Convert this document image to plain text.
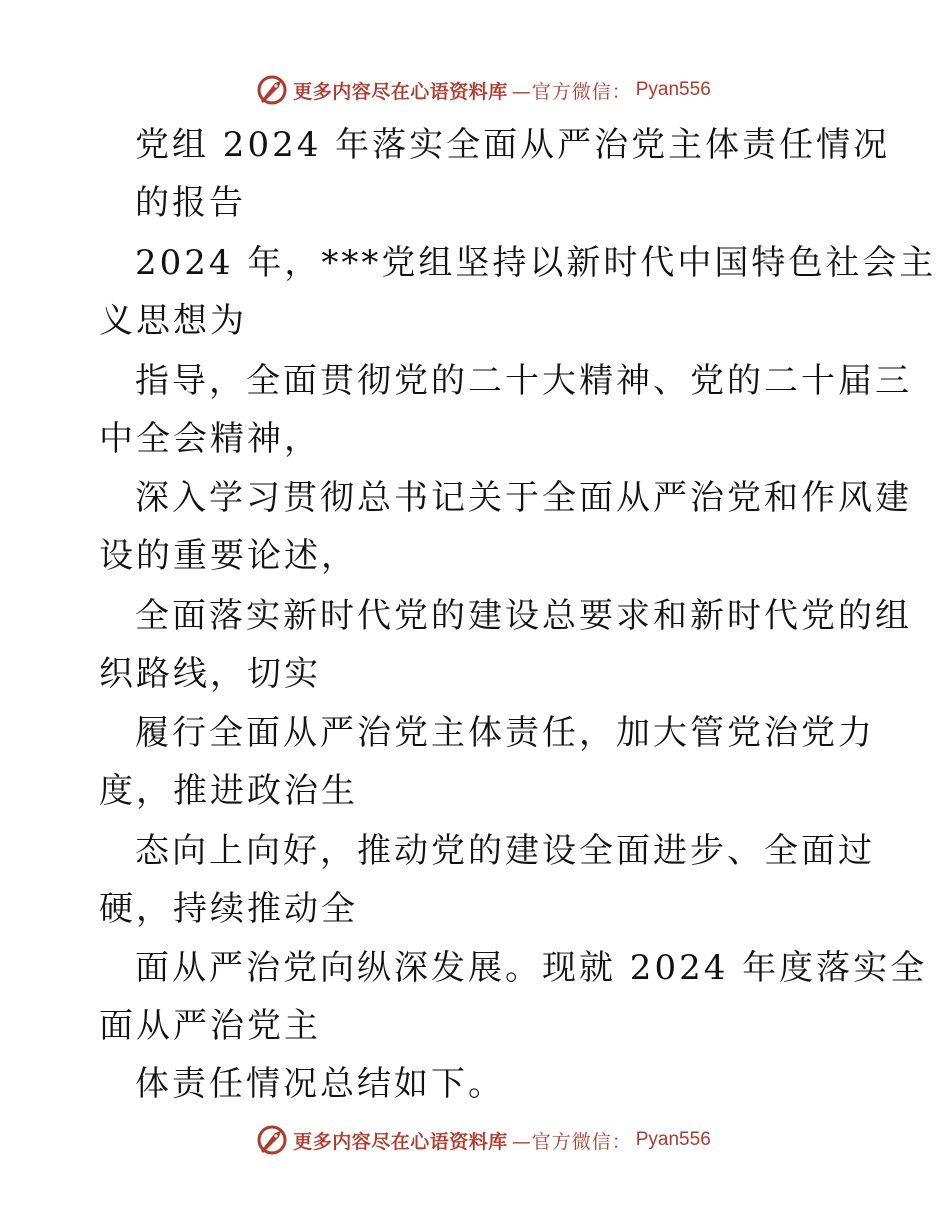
更多内容尽在心语资料库 —官方微信： Pyan556
党组 2024 年落实全面从严治党主体责任情况
的报告
2024 年，***党组坚持以新时代中国特色社会主
义思想为
指导，全面贯彻党的二十大精神、党的二十届三
中全会精神，
深入学习贯彻总书记关于全面从严治党和作风建
设的重要论述，
全面落实新时代党的建设总要求和新时代党的组
织路线，切实
履行全面从严治党主体责任，加大管党治党力
度，推进政治生
态向上向好，推动党的建设全面进步、全面过
硬，持续推动全
面从严治党向纵深发展。现就 2024 年度落实全
面从严治党主
体责任情况总结如下。
更多内容尽在心语资料库 —官方微信： Pyan556
